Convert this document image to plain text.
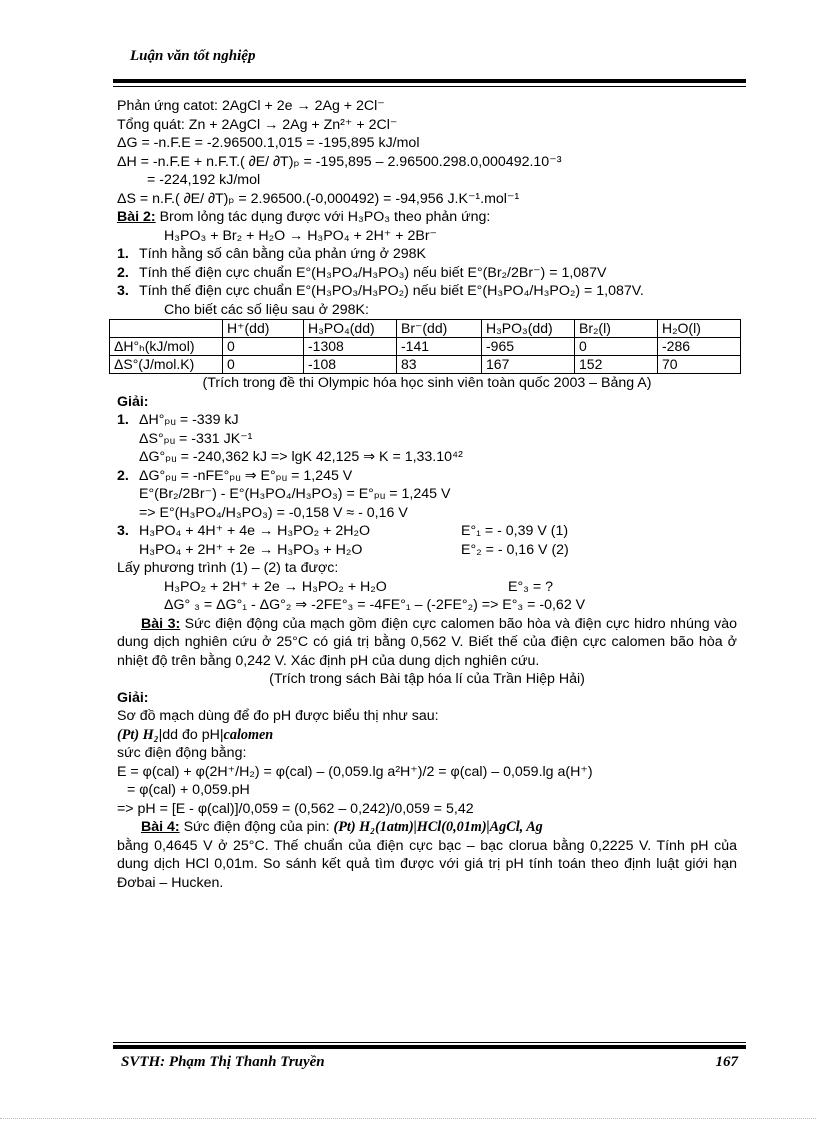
Luận văn tốt nghiệp
Phản ứng catot: 2AgCl + 2e → 2Ag + 2Cl⁻
Tổng quát: Zn + 2AgCl → 2Ag + Zn²⁺ + 2Cl⁻
ΔG = -n.F.E = -2.96500.1,015 = -195,895 kJ/mol
ΔH = -n.F.E + n.F.T.( ∂E/ ∂T)ₚ = -195,895 – 2.96500.298.0,000492.10⁻³
= -224,192 kJ/mol
ΔS = n.F.( ∂E/ ∂T)ₚ = 2.96500.(-0,000492) = -94,956 J.K⁻¹.mol⁻¹
Bài 2: Brom lỏng tác dụng được với H₃PO₃ theo phản ứng:
H₃PO₃ + Br₂ + H₂O → H₃PO₄ + 2H⁺ + 2Br⁻
1. Tính hằng số cân bằng của phản ứng ở 298K
2. Tính thế điện cực chuẩn E°(H₃PO₄/H₃PO₃) nếu biết E°(Br₂/2Br⁻) = 1,087V
3. Tính thế điện cực chuẩn E°(H₃PO₃/H₃PO₂) nếu biết E°(H₃PO₄/H₃PO₂) = 1,087V.
Cho biết các số liệu sau ở 298K:
	H⁺(dd)	H₃PO₄(dd)	Br⁻(dd)	H₃PO₃(dd)	Br₂(l)	H₂O(l)
ΔH°ₕ(kJ/mol)	0	-1308	-141	-965	0	-286
ΔS°(J/mol.K)	0	-108	83	167	152	70
(Trích trong đề thi Olympic hóa học sinh viên toàn quốc 2003 – Bảng A)
Giải:
1. ΔH°ₚᵤ = -339 kJ
ΔS°ₚᵤ = -331 JK⁻¹
ΔG°ₚᵤ = -240,362 kJ => lgK 42,125 ⇒ K = 1,33.10⁴²
2. ΔG°ₚᵤ = -nFE°ₚᵤ ⇒ E°ₚᵤ = 1,245 V
E°(Br₂/2Br⁻) - E°(H₃PO₄/H₃PO₃) = E°ₚᵤ = 1,245 V
=> E°(H₃PO₄/H₃PO₃) = -0,158 V ≈ - 0,16 V
3. H₃PO₄ + 4H⁺ + 4e → H₃PO₂ + 2H₂O	E°₁ = - 0,39 V (1)
H₃PO₄ + 2H⁺ + 2e → H₃PO₃ + H₂O	E°₂ = - 0,16 V (2)
Lấy phương trình (1) – (2) ta được:
H₃PO₂ + 2H⁺ + 2e → H₃PO₂ + H₂O	E°₃ = ?
ΔG° ₃ = ΔG°₁ - ΔG°₂ ⇒ -2FE°₃ = -4FE°₁ – (-2FE°₂) => E°₃ = -0,62 V
Bài 3: Sức điện động của mạch gồm điện cực calomen bão hòa và điện cực hidro nhúng vào dung dịch nghiên cứu ở 25°C có giá trị bằng 0,562 V. Biết thế của điện cực calomen bão hòa ở nhiệt độ trên bằng 0,242 V. Xác định pH của dung dịch nghiên cứu.
(Trích trong sách Bài tập hóa lí của Trần Hiệp Hải)
Giải:
Sơ đồ mạch dùng để đo pH được biểu thị như sau:
(Pt) H₂|dd đo pH|calomen
sức điện động bằng:
E = φ(cal) + φ(2H⁺/H₂) = φ(cal) – (0,059.lg a²H⁺)/2 = φ(cal) – 0,059.lg a(H⁺)
= φ(cal) + 0,059.pH
=> pH = [E - φ(cal)]/0,059 = (0,562 – 0,242)/0,059 = 5,42
Bài 4: Sức điện động của pin: (Pt) H₂(1atm)|HCl(0,01m)|AgCl, Ag
bằng 0,4645 V ở 25°C. Thế chuẩn của điện cực bạc – bạc clorua bằng 0,2225 V. Tính pH của dung dịch HCl 0,01m. So sánh kết quả tìm được với giá trị pH tính toán theo định luật giới hạn Đơbai – Hucken.
SVTH: Phạm Thị Thanh Truyền	167
